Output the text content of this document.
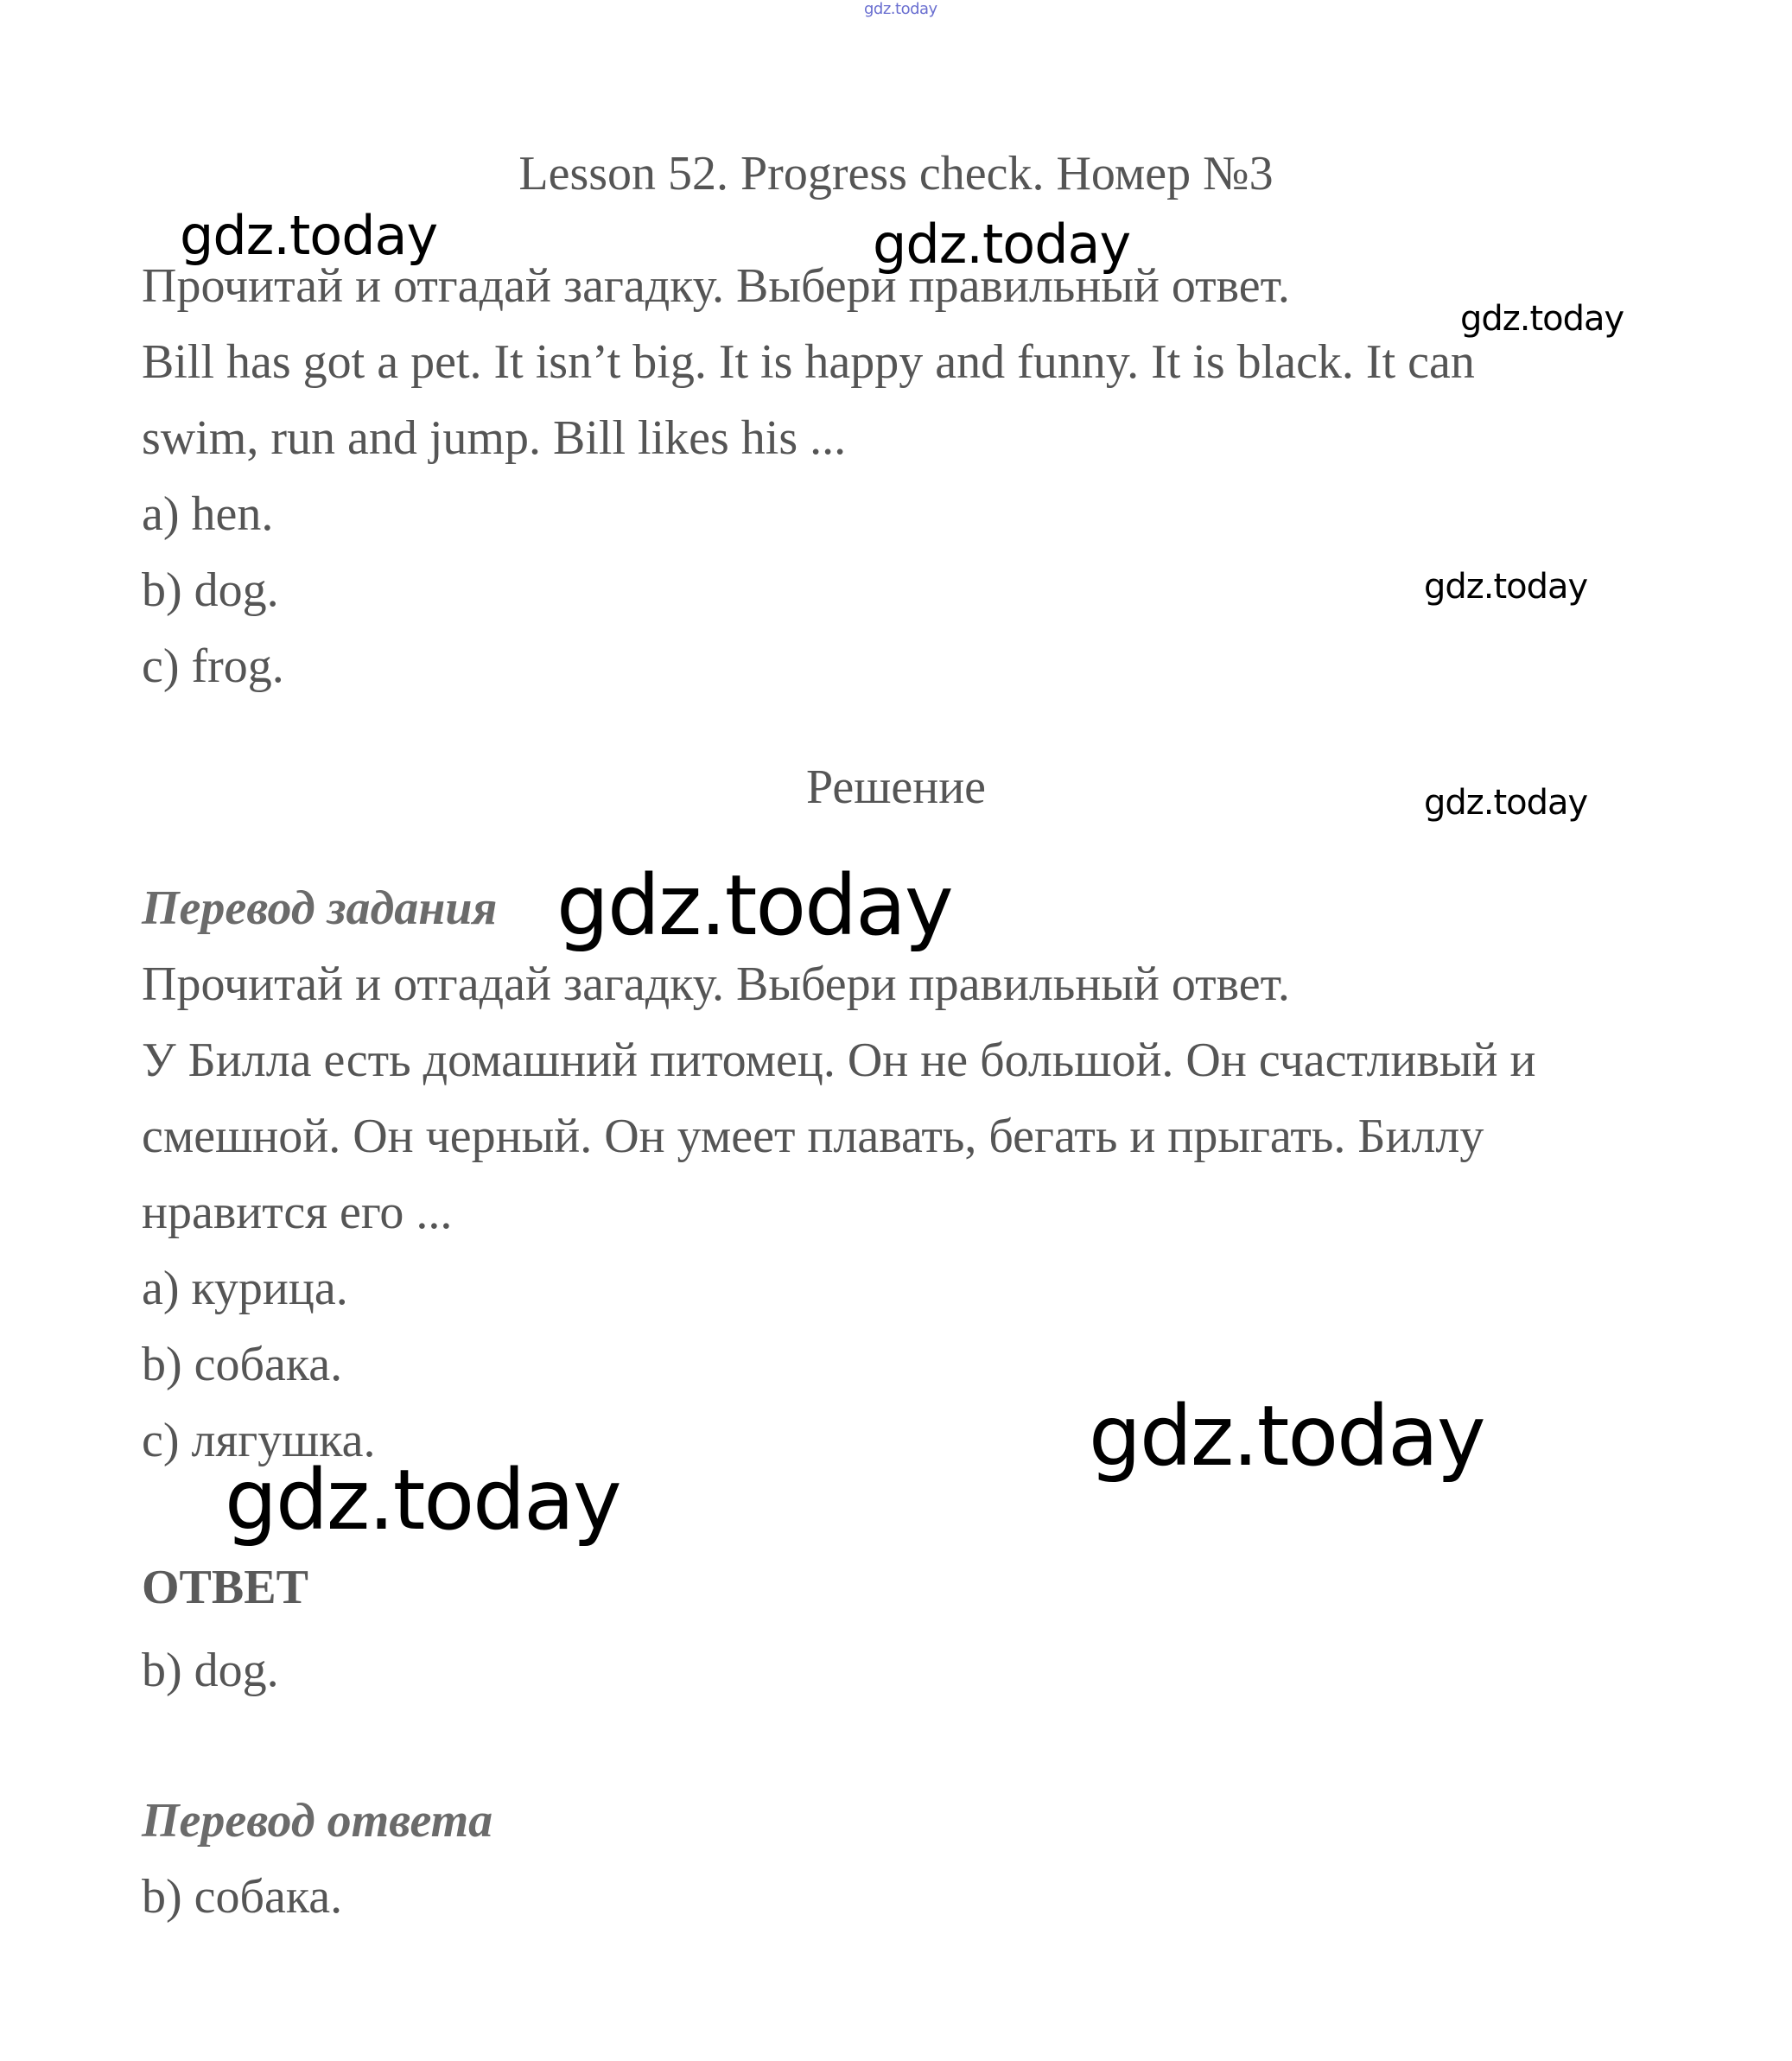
gdz.today
Lesson 52. Progress check. Номер №3
Прочитай и отгадай загадку. Выбери правильный ответ.
Bill has got a pet. It isn’t big. It is happy and funny. It is black. It can
swim, run and jump. Bill likes his ...
a) hen.
b) dog.
c) frog.
Решение
Перевод задания
Прочитай и отгадай загадку. Выбери правильный ответ.
У Билла есть домашний питомец. Он не большой. Он счастливый и
смешной. Он черный. Он умеет плавать, бегать и прыгать. Биллу
нравится его ...
a) курица.
b) собака.
c) лягушка.
ОТВЕТ
b) dog.
Перевод ответа
b) собака.
gdz.today	gdz.today
gdz.today
gdz.today
gdz.today
gdz.today
gdz.today
gdz.today
